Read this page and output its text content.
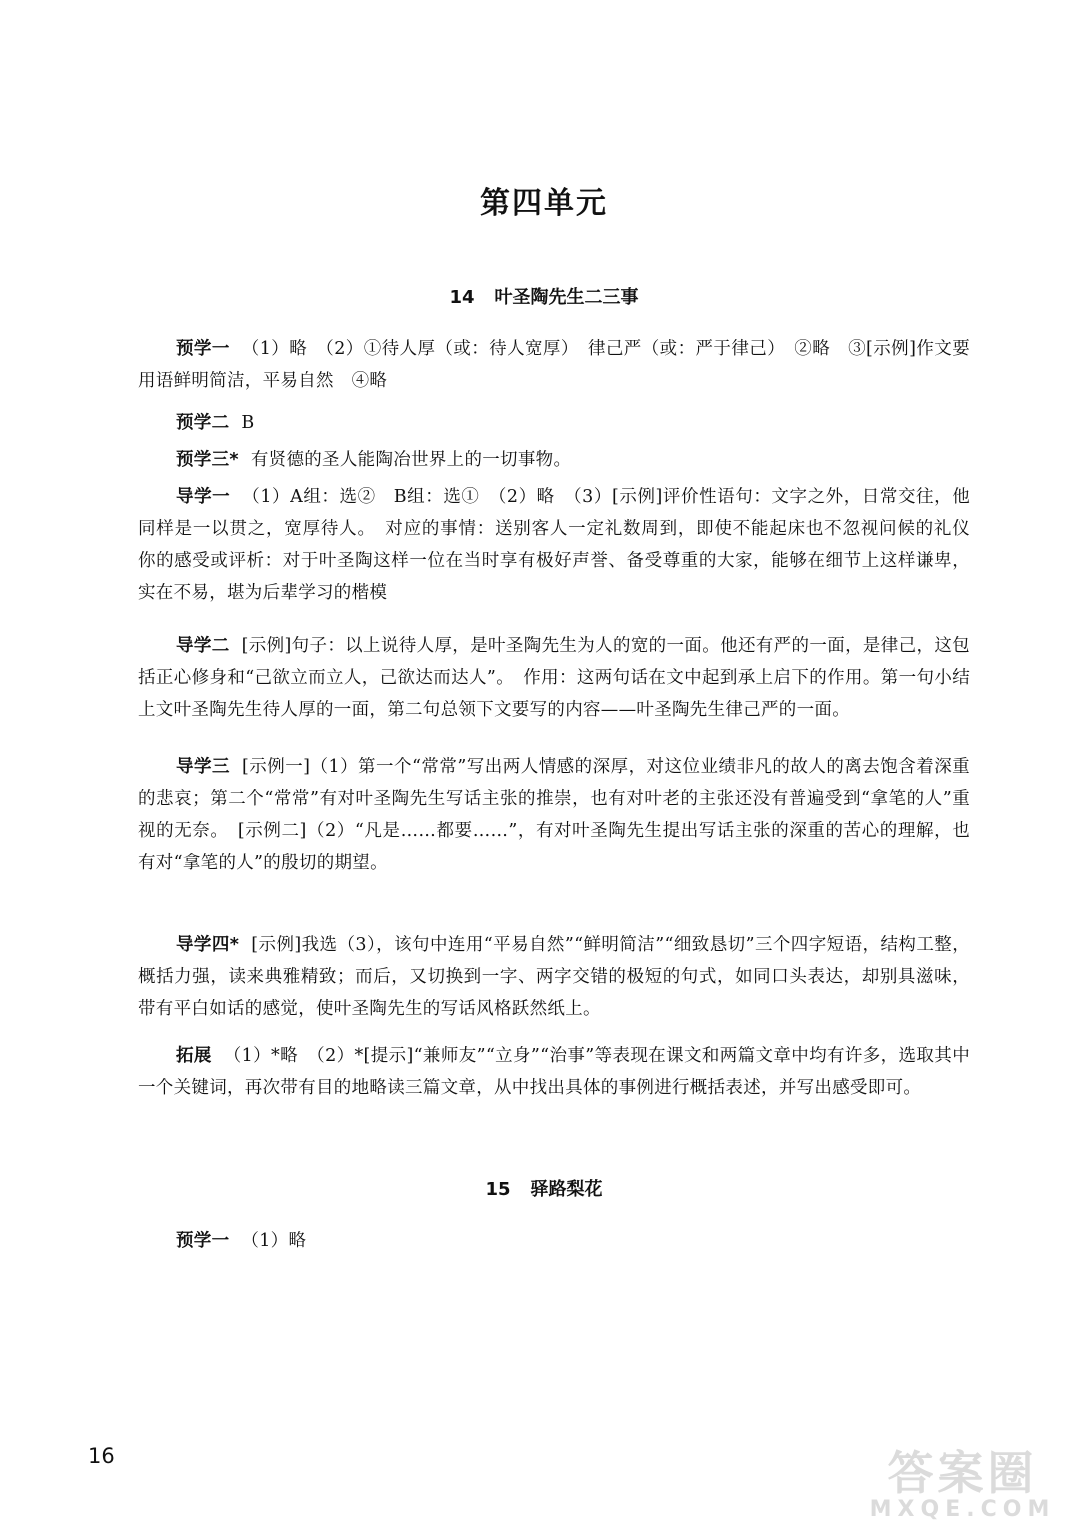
第四单元
14 叶圣陶先生二三事
预学一 （1）略　（2）①待人厚（或：待人宽厚）　律己严（或：严于律己）　②略　③[示例]作文要用语鲜明简洁，平易自然　④略
预学二 B
预学三* 有贤德的圣人能陶冶世界上的一切事物。
导学一 （1）A组：选②　B组：选①　（2）略　（3）[示例]评价性语句：文字之外，日常交往，他同样是一以贯之，宽厚待人。　对应的事情：送别客人一定礼数周到，即使不能起床也不忽视问候的礼仪　你的感受或评析：对于叶圣陶这样一位在当时享有极好声誉、备受尊重的大家，能够在细节上这样谦卑，实在不易，堪为后辈学习的楷模
导学二 [示例]句子：以上说待人厚，是叶圣陶先生为人的宽的一面。他还有严的一面，是律己，这包括正心修身和“己欲立而立人，己欲达而达人”。　作用：这两句话在文中起到承上启下的作用。第一句小结上文叶圣陶先生待人厚的一面，第二句总领下文要写的内容——叶圣陶先生律己严的一面。
导学三 [示例一]（1）第一个“常常”写出两人情感的深厚，对这位业绩非凡的故人的离去饱含着深重的悲哀；第二个“常常”有对叶圣陶先生写话主张的推崇，也有对叶老的主张还没有普遍受到“拿笔的人”重视的无奈。　[示例二]（2）“凡是……都要……”，有对叶圣陶先生提出写话主张的深重的苦心的理解，也有对“拿笔的人”的殷切的期望。
导学四* [示例]我选（3），该句中连用“平易自然”“鲜明简洁”“细致恳切”三个四字短语，结构工整，概括力强，读来典雅精致；而后，又切换到一字、两字交错的极短的句式，如同口头表达，却别具滋味，带有平白如话的感觉，使叶圣陶先生的写话风格跃然纸上。
拓展 （1）*略　（2）*[提示]“兼师友”“立身”“治事”等表现在课文和两篇文章中均有许多，选取其中一个关键词，再次带有目的地略读三篇文章，从中找出具体的事例进行概括表述，并写出感受即可。
15 驿路梨花
预学一 （1）略
16	答案圈
MXQE.COM
